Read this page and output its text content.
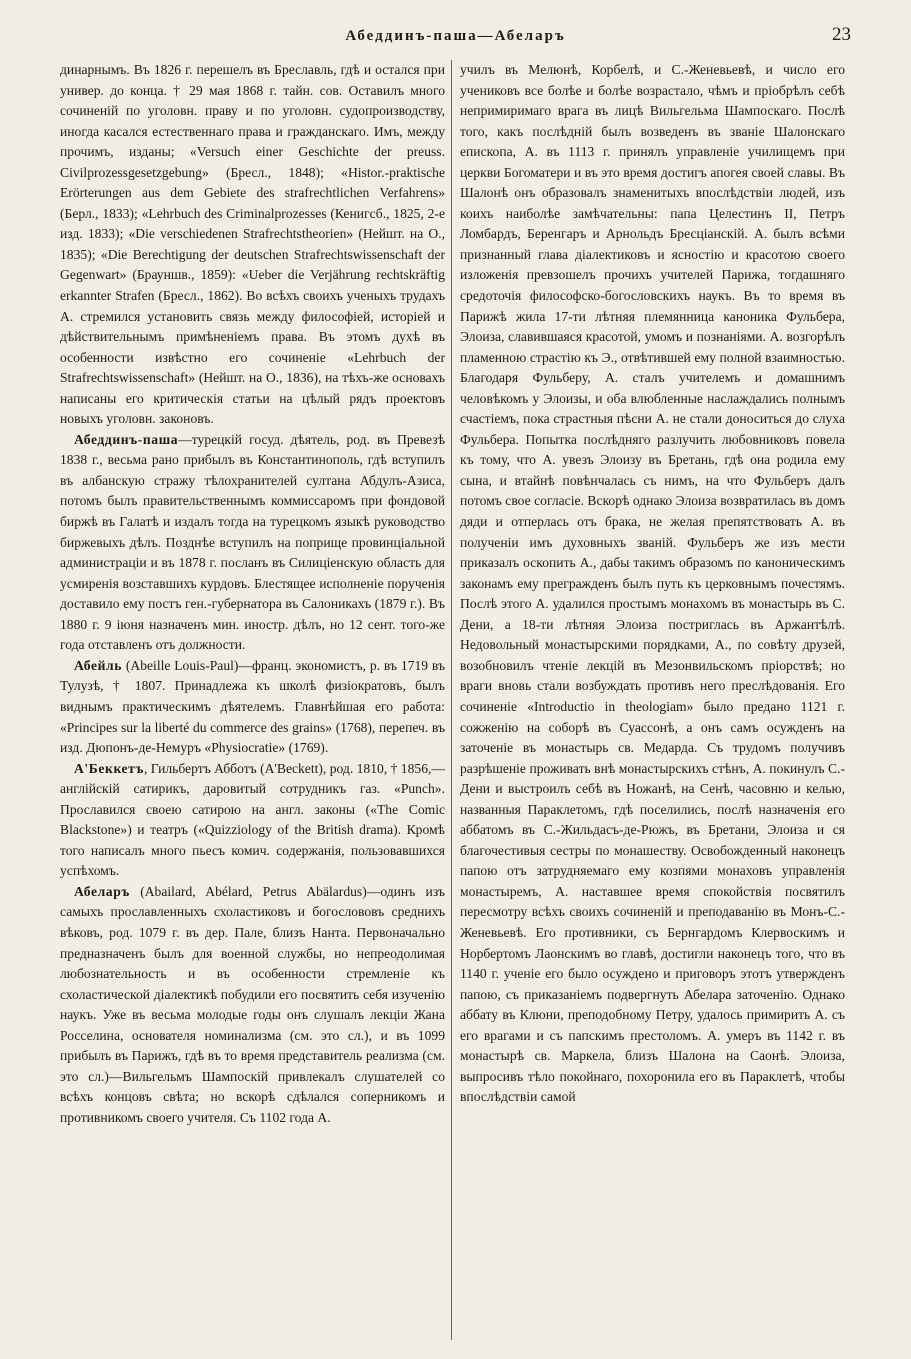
Абеддинъ-паша—Абеларъ	23

динарнымъ. Въ 1826 г. перешелъ въ Бреславль, гдѣ и остался при универ. до конца. † 29 мая 1868 г. тайн. сов. Оставилъ много сочиненій по уголовн. праву и по уголовн. судопроизводству, иногда касался естественнаго права и гражданскаго. Имъ, между прочимъ, изданы; «Versuch einer Geschichte der preuss. Civilprozessgesetzgebung» (Бресл., 1848); «Histor.-praktische Erörterungen aus dem Gebiete des strafrechtlichen Verfahrens» (Берл., 1833); «Lehrbuch des Criminalprozesses (Кенигсб., 1825, 2-е изд. 1833); «Die verschiedenen Strafrechtstheorien» (Нейшт. на О., 1835); «Die Berechtigung der deutschen Strafrechtswissenschaft der Gegenwart» (Брауншв., 1859): «Ueber die Verjährung rechtskräftig erkannter Strafen (Бресл., 1862). Во всѣхъ своихъ ученыхъ трудахъ А. стремился установить связь между философіей, исторіей и дѣйствительнымъ примѣненіемъ права. Въ этомъ духѣ въ особенности извѣстно его сочиненіе «Lehrbuch der Strafrechtswissenschaft» (Нейшт. на О., 1836), на тѣхъ-же основахъ написаны его критическія статьи на цѣлый рядъ проектовъ новыхъ уголовн. законовъ.

Абеддинъ-паша—турецкій госуд. дѣятель, род. въ Превезѣ 1838 г., весьма рано прибылъ въ Константинополь, гдѣ вступилъ въ албанскую стражу тѣлохранителей султана Абдулъ-Азиса, потомъ былъ правительственнымъ коммиссаромъ при фондовой биржѣ въ Галатѣ и издалъ тогда на турецкомъ языкѣ руководство биржевыхъ дѣлъ. Позднѣе вступилъ на поприще провинціальной администраціи и въ 1878 г. посланъ въ Силиціенскую область для усмиренія возставшихъ курдовъ. Блестящее исполненіе порученія доставило ему постъ ген.-губернатора въ Салоникахъ (1879 г.). Въ 1880 г. 9 іюня назначенъ мин. иностр. дѣлъ, но 12 сент. того-же года отставленъ отъ должности.

Абейль (Abeille Louis-Paul)—франц. экономистъ, р. въ 1719 въ Тулузѣ, † 1807. Принадлежа къ школѣ физіократовъ, былъ виднымъ практическимъ дѣятелемъ. Главнѣйшая его работа: «Principes sur la liberté du commerce des grains» (1768), перепеч. въ изд. Дюпонъ-де-Немуръ «Physiocratie» (1769).

А'Беккетъ, Гильбертъ Абботъ (A'Beckett), род. 1810, † 1856,—англійскій сатирикъ, даровитый сотрудникъ газ. «Punch». Прославился своею сатирою на англ. законы («The Comic Blackstone») и театръ («Quizziology of the British drama). Кромѣ того написалъ много пьесъ комич. содержанія, пользовавшихся успѣхомъ.

Абеларъ (Abailard, Abélard, Petrus Abälardus)—одинъ изъ самыхъ прославленныхъ схоластиковъ и богослововъ среднихъ вѣковъ, род. 1079 г. въ дер. Пале, близъ Нанта. Первоначально предназначенъ былъ для военной службы, но непреодолимая любознательность и въ особенности стремленіе къ схоластической діалектикѣ побудили его посвятить себя изученію наукъ. Уже въ весьма молодые годы онъ слушалъ лекціи Жана Росселина, основателя номинализма (см. это сл.), и въ 1099 прибылъ въ Парижъ, гдѣ въ то время представитель реализма (см. это сл.)—Вильгельмъ Шампоскій привлекалъ слушателей со всѣхъ концовъ свѣта; но вскорѣ сдѣлался соперникомъ и противникомъ своего учителя. Съ 1102 года А.

училъ въ Мелюнѣ, Корбелѣ, и С.-Женевьевѣ, и число его учениковъ все болѣе и болѣе возрастало, чѣмъ и пріобрѣлъ себѣ непримиримаго врага въ лицѣ Вильгельма Шампоскаго. Послѣ того, какъ послѣдній былъ возведенъ въ званіе Шалонскаго епископа, А. въ 1113 г. принялъ управленіе училищемъ при церкви Богоматери и въ это время достигъ апогея своей славы. Въ Шалонѣ онъ образовалъ знаменитыхъ впослѣдствіи людей, изъ коихъ наиболѣе замѣчательны: папа Целестинъ II, Петръ Ломбардъ, Беренгаръ и Арнольдъ Бресціанскій. А. былъ всѣми признанный глава діалектиковъ и ясностію и красотою своего изложенія превзошелъ прочихъ учителей Парижа, тогдашняго средоточія философско-богословскихъ наукъ. Въ то время въ Парижѣ жила 17-ти лѣтняя племянница каноника Фульбера, Элоиза, славившаяся красотой, умомъ и познаніями. А. возгорѣлъ пламенною страстію къ Э., отвѣтившей ему полной взаимностью. Благодаря Фульберу, А. сталъ учителемъ и домашнимъ человѣкомъ у Элоизы, и оба влюбленные наслаждались полнымъ счастіемъ, пока страстныя пѣсни А. не стали доноситься до слуха Фульбера. Попытка послѣдняго разлучить любовниковъ повела къ тому, что А. увезъ Элоизу въ Бретань, гдѣ она родила ему сына, и втайнѣ повѣнчалась съ нимъ, на что Фульберъ далъ потомъ свое согласіе. Вскорѣ однако Элоиза возвратилась въ домъ дяди и отперлась отъ брака, не желая препятствовать А. въ полученіи имъ духовныхъ званій. Фульберъ же изъ мести приказалъ оскопить А., дабы такимъ образомъ по каноническимъ законамъ ему прегражденъ былъ путь къ церковнымъ почестямъ. Послѣ этого А. удалился простымъ монахомъ въ монастырь въ С. Дени, а 18-ти лѣтняя Элоиза постриглась въ Аржантѣлѣ. Недовольный монастырскими порядками, А., по совѣту друзей, возобновилъ чтеніе лекцій въ Мезонвильскомъ пріорствѣ; но враги вновь стали возбуждать противъ него преслѣдованія. Его сочиненіе «Introductio in theologiam» было предано 1121 г. сожженію на соборѣ въ Суассонѣ, а онъ самъ осужденъ на заточеніе въ монастырь св. Медарда. Съ трудомъ получивъ разрѣшеніе проживать внѣ монастырскихъ стѣнъ, А. покинулъ С.-Дени и выстроилъ себѣ въ Ножанѣ, на Сенѣ, часовню и келью, названныя Параклетомъ, гдѣ поселились, послѣ назначенія его аббатомъ въ С.-Жильдасъ-де-Рюжъ, въ Бретани, Элоиза и ся благочестивыя сестры по монашеству. Освобожденный наконецъ папою отъ затрудняемаго ему козпями монаховъ управленія монастыремъ, А. наставшее время спокойствія посвятилъ пересмотру всѣхъ своихъ сочиненій и преподаванію въ Монъ-С.-Женевьевѣ. Его противники, съ Бернгардомъ Клервоскимъ и Норбертомъ Лаонскимъ во главѣ, достигли наконецъ того, что въ 1140 г. ученіе его было осуждено и приговоръ этотъ утвержденъ папою, съ приказаніемъ подвергнуть Абеларa заточенію. Однако аббату въ Клюни, преподобному Петру, удалось примирить А. съ его врагами и съ папскимъ престоломъ. А. умеръ въ 1142 г. въ монастырѣ св. Маркела, близъ Шалона на Саонѣ. Элоиза, выпросивъ тѣло покойнаго, похоронила его въ Параклетѣ, чтобы впослѣдствіи самой
